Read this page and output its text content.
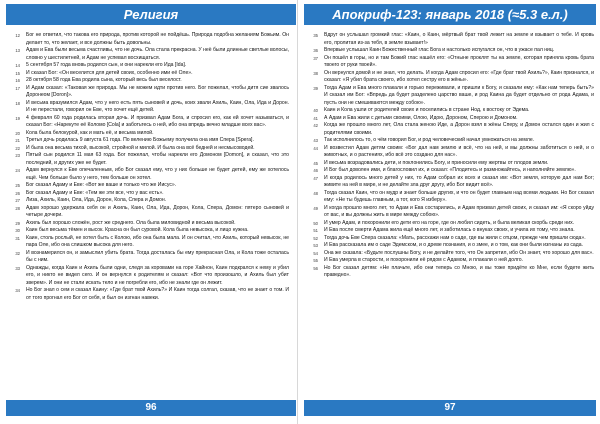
Религия

12 Бог не ответил, что такова его природа, против которой не пойдёшь. Природа подобна желаниям Божьим. Он делает то, что желает, и все должны быть довольны.

13 Адам и Ева были весьма счастливы, что не дочь. Ола стала прекрасна. У неё были длинные светлые волосы, словно у шестилетней, и Адам не успевал восхищаться.

14 5 сентября 57 года вновь родился сын, и они нарекли его Ида [Ida].

15 И сказал Бог: «Он веселится для детей своих, особенно ими её Оле».

16 28 октября 58 года Ева родила сына, который весь был веселост.

17 И Адам сказал: «Таковая же природа. Мы не можем идти против него. Бог пожелал, чтобы дитя сие звалось Доронеом [Doron]».

18 И весьма вразумился Адам, что у него есть пять сыновей и дочь, коих звали Ахиль, Каин, Ола, Ида и Дорон. И не перестали, говорил он Еве, что хочет ещё детей.

19 4 февраля 60 года родилась вторая дочь. И призвал Адам Бога, и спросил его, как ей хочет называться, и сказал Бог: «Нарекуте её Коломо [Cola] и заботьтесь о ней, ибо она впредь вечно младше всех вас».

20 Кола была белокурой, как и мать её, и весьма милой.

21 Третья дочь родилась 9 августа 61 года. По велению Божьему получила она имя Спера [Spera].

22 И была она весьма тихой, высокой, стройной и милой. И была она всё бедней и несмысоводей.

23 Пятый сын родился 11 мая 63 года. Бог пожелал, чтобы нарекли его Домоном [Domon], и сказал, что это последний, и других уже не будет.

24 Адам вернулся к Еве опечаленным, ибо Бог сказал ему, что у них больше не будет детей, ему же хотелось ещё. Чем больше было у него, тем больше он хотел.

25 Бог сказал Адаму и Еве: «Вот же ваше и только что же Иисус».

26 Бог сказал Адаму и Еве: «Тем же эти все, что у вас есть».

27 Лиза, Ахиль, Каин, Ола, Ида, Дорон, Кола, Спера и Домон.

28 Адам хорошо удержала себя он и Ахиль, Каин, Ола, Ида, Дорон, Кола, Спера, Домон: пятеро сыновей и четыре дочери.

29 Ахиль был хорошо сложён, рост же среднего. Ола была миловидной и весьма высокой.

30 Каин был весьма тёмен и высок. Красна он был суровой. Кола была невысока, и лицо нужна.

31 Каин, столь рослый, не хотел быть с Колою, ибо она была мала. И он считал, что Ахиль, который невысок, не пара Оле, ибо она слишком высока для него.

32 И вознамерился он, и замыслил убить брата. Тогда досталась бы ему прекрасная Ола, и Кола тоже осталась бы с ним.

33 Однажды, когда Каин и Ахиль были одни, следя за коровами на горе Хайнон, Каин подкрался к нему и убил его, и никто не видел сего. И он вернулся к родителям и сказал: «Вот что произошло, и Ахиль был убит зверем». И они не стали искать тело и не погребли его, ибо не знали где он лежит.

34 Но Бог знал о сем и сказал Каину: «Где брат твой Ахиль?» И Каин тогда солгал, сказав, что не знает о том. И от того прогнал его Бог от себя, и был он изгнан навеки.

96
Апокриф-123: январь 2018 (≈5.3 е.л.)

35 Вдруг он услышал громкий глас: «Каин, о Каин, мёртвый брат твой лежит на земле и взывает о тебе. И кровь его, пролитая из-за тебя, в земле взывает!»

36 Впервые услышал Каин Божественный глас Бога и настолько испугался он, что в ужасе пал ниц.

37 Он пошёл в горы, но и там Божий глас нашёл его: «Отныне проклят ты на земле, которая приняла кровь брата твоего от руки твоей».

38 Он вернулся домой и не знал, что делать. И когда Адам спросил его: «Где брат твой Ахиль?», Каин признался, и сказал: «Я убил брата своего, ибо хотел сестру его в жёны».

39 Тогда Адам и Ева много плакали и горько переживали, и пришли к Богу, и сказали ему: «Как нам теперь быть?» И сказал им Бог: «Впредь да будет разделено царство ваше, и род Каина да будет отдельно от рода Адама, и пусть они не смешиваются между собою».

40 Каин и Кола ушли от родителей своих и поселились в стране Нод, к востоку от Эдема.

41 А Адам и Ева жили с детьми своими, Олою, Идою, Дороном, Сперою и Домоном.

42 Когда же прошло много лет, Ола стала женою Иде, а Дорон взял в жёны Сперу, и Домон остался один и жил с родителями своими.

43 Так исполнилось то, о чём говорил Бог, и род человеческий начал умножаться на земле.

44 И возвестил Адам детям своим: «Бог дал нам землю и всё, что на ней, и мы должны заботиться о ней, и о животных, и о растениях, ибо всё это создано для нас».

45 И весьма возрадовались дети, и поклонились Богу, и приносили ему жертвы от плодов земли.

46 И Бог был доволен ими, и благословил их, и сказал: «Плодитесь и размножайтесь, и наполняйте землю».

47 И когда родилось много детей у них, то Адам собрал их всех и сказал им: «Вот земля, которую дал нам Бог; живите на ней в мире, и не делайте зла друг другу, ибо Бог видит всё».

48 Тогда сказал Каин, что он мудр и знает больше других, и что он будет главным над всеми людьми. Но Бог сказал ему: «Не ты будешь главным, а тот, кого Я изберу».

49 И когда прошло много лет, то Адам и Ева состарились, и Адам призвал детей своих, и сказал им: «Я скоро уйду от вас, и вы должны жить в мире между собою».

50 И умер Адам, и похоронили его дети его на горе, где он любил сидеть, и была великая скорбь среди них.

51 И Ева после смерти Адама жила ещё много лет, и заботилась о внуках своих, и учила их тому, что знала.

52 Тогда дочь Еве Спера сказала: «Мать, расскажи нам о саде, где вы жили с отцом, прежде чем пришли сюда».

53 И Ева рассказала им о саде Эдемском, и о древе познания, и о змее, и о том, как они были изгнаны из сада.

54 Она же сказала: «Будьте послушны Богу, и не делайте того, что Он запретил, ибо Он знает, что хорошо для вас».

55 И Ева умерла в старости, и похоронили её рядом с Адамом, и плакали о ней долго.

56 Но Бог сказал детям: «Не плачьте, ибо они теперь со Мною, и вы тоже придёте ко Мне, если будете жить праведно».

97
